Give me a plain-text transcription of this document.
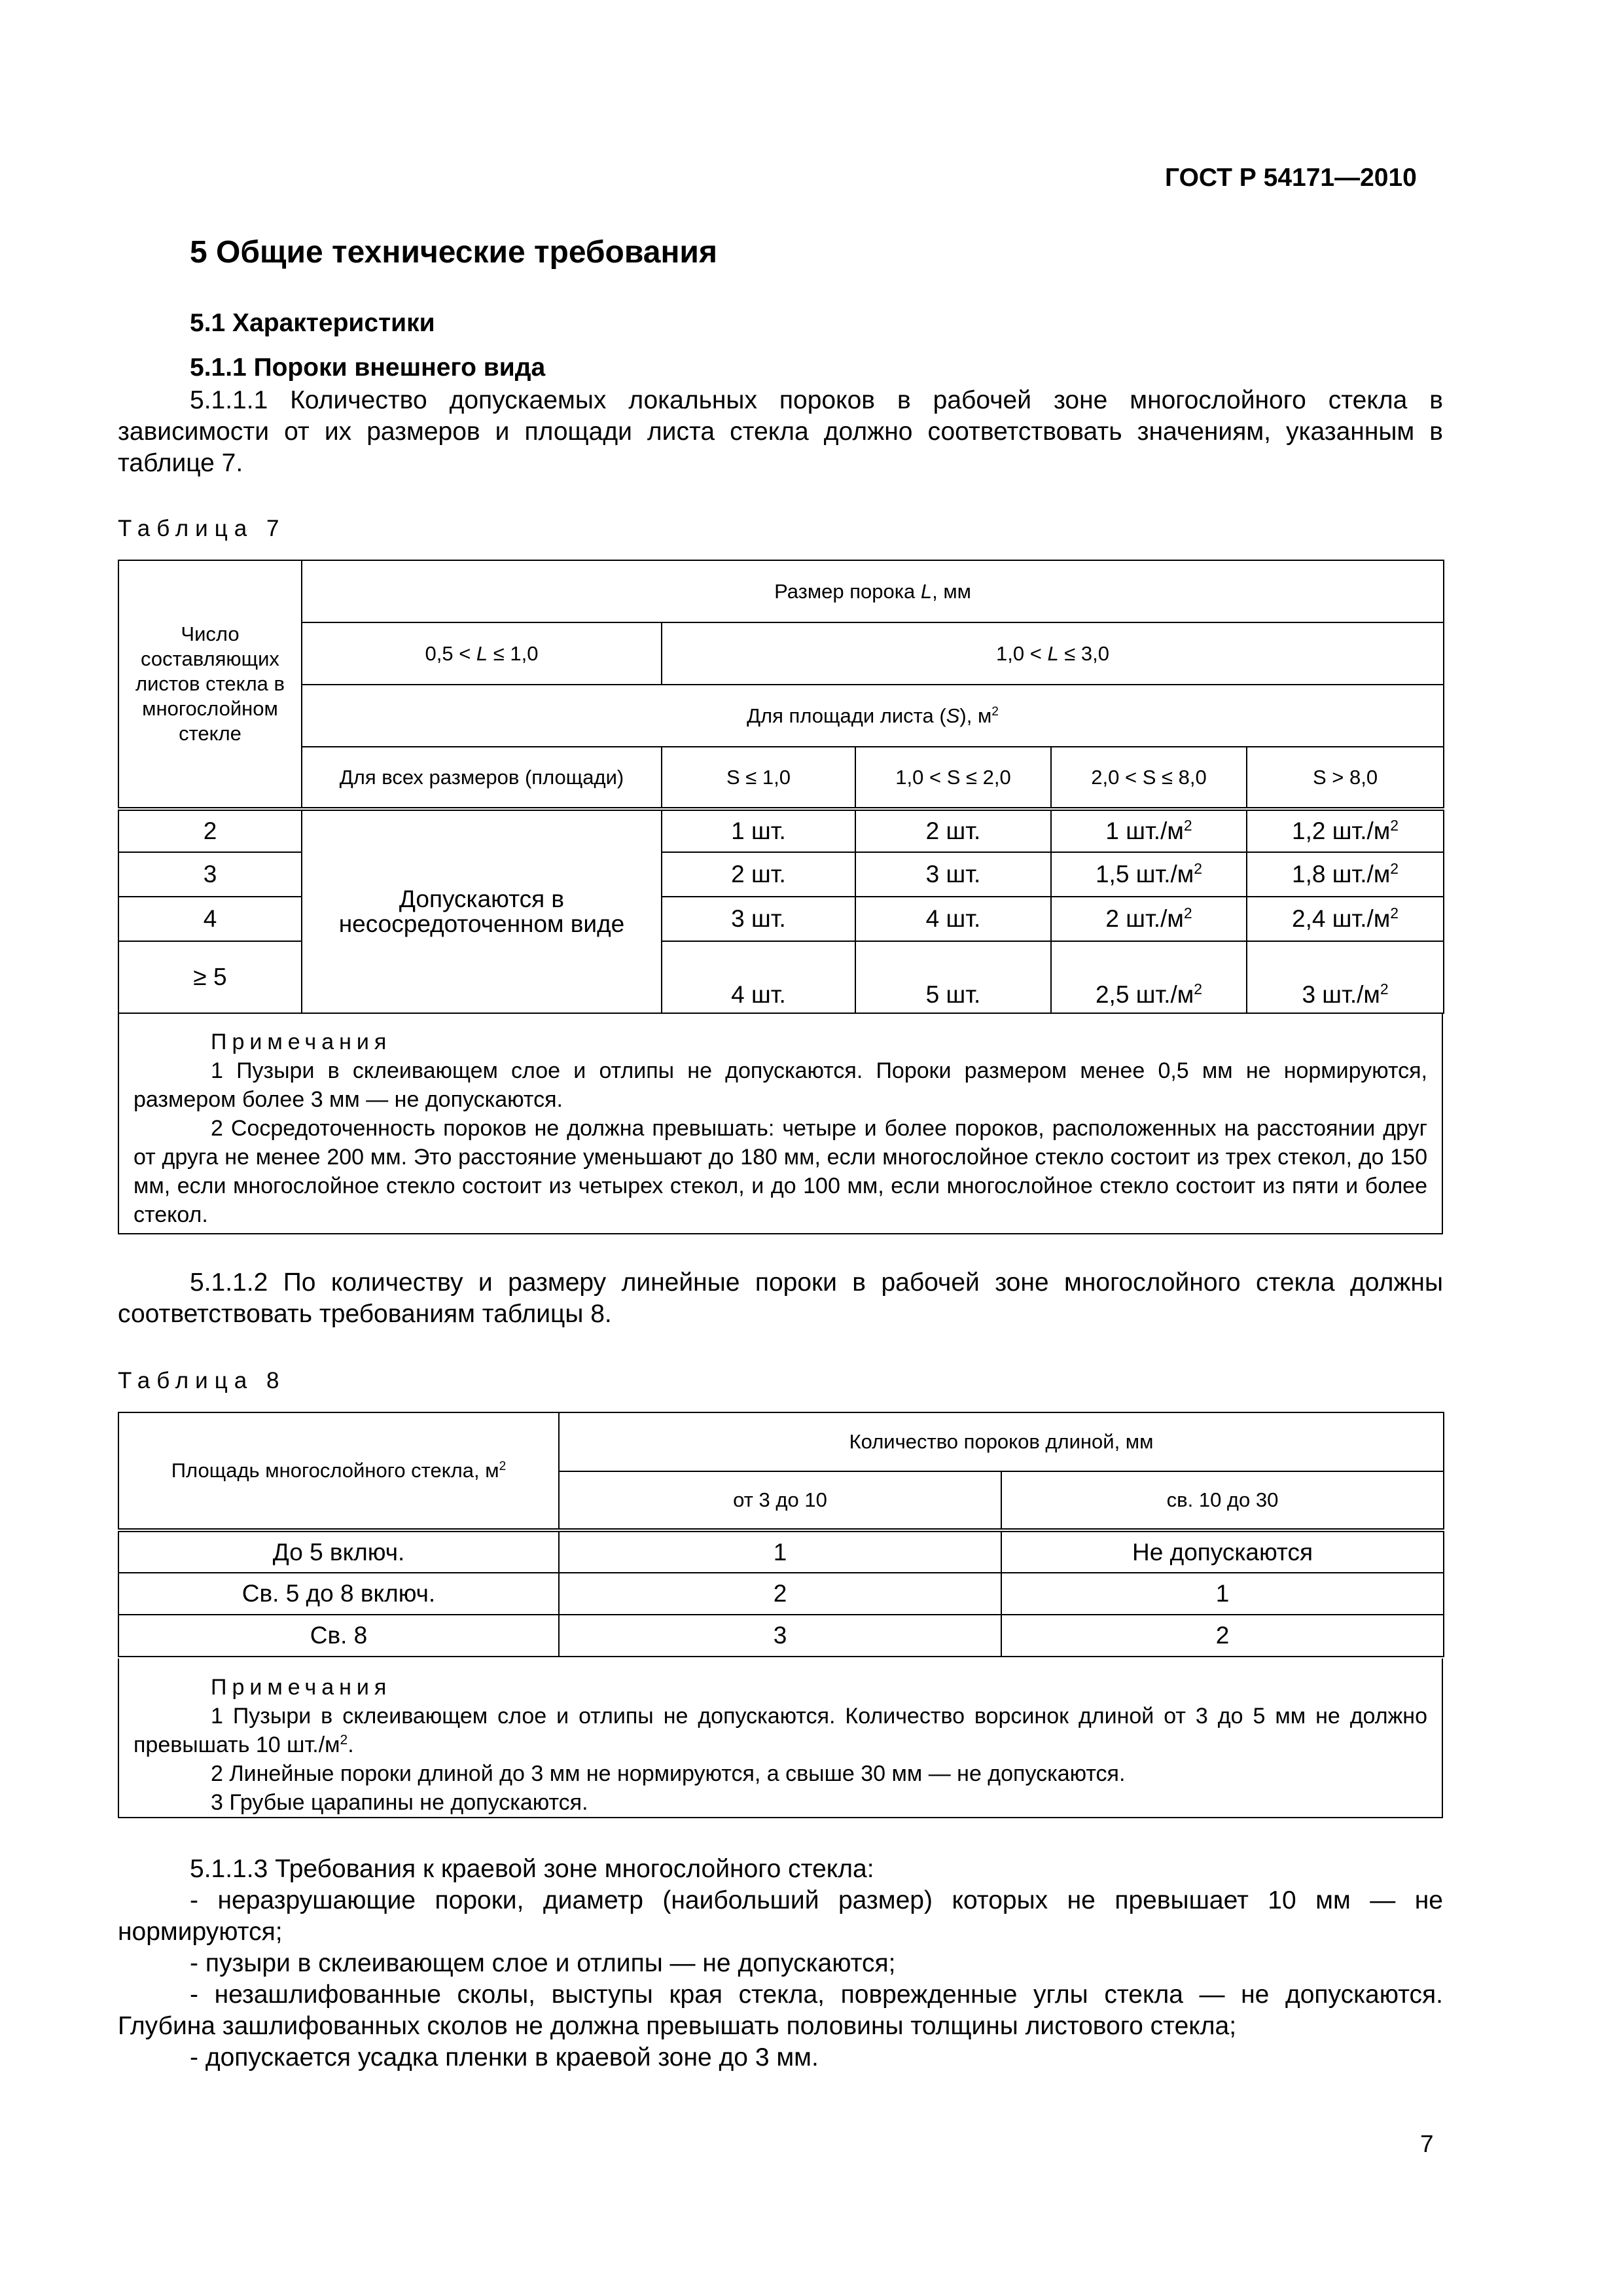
ГОСТ Р 54171—2010
5 Общие технические требования
5.1 Характеристики
5.1.1 Пороки внешнего вида

5.1.1.1 Количество допускаемых локальных пороков в рабочей зоне многослойного стекла в зависимости от их размеров и площади листа стекла должно соответствовать значениям, указанным в таблице 7.

Таблица 7
Число составляющих листов стекла в многослойном стекле	Размер порока L, мм				
	0,5 < L ≤ 1,0	1,0 < L ≤ 3,0			
	Для площади листа (S), $м^2$
	Для всех размеров (площади)	S ≤ 1,0	1,0 < S ≤ 2,0	2,0 < S ≤ 8,0	S > 8,0
2	Допускаются в несосредоточенном виде	1 шт.	2 шт.	1 $шт./м^2$	1,2 $шт./м^2$
3		2 шт.	3 шт.	1,5 $шт./м^2$	1,8 $шт./м^2$
4		3 шт.	4 шт.	2 $шт./м^2$	2,4 $шт./м^2$
≥ 5		4 шт.	5 шт.	2,5 $шт./м^2$	3 $шт./м^2$

Примечания

1 Пузыри в склеивающем слое и отлипы не допускаются. Пороки размером менее 0,5 мм не нормируются, размером более 3 мм — не допускаются.

2 Сосредоточенность пороков не должна превышать: четыре и более пороков, расположенных на расстоянии друг от друга не менее 200 мм. Это расстояние уменьшают до 180 мм, если многослойное стекло состоит из трех стекол, до 150 мм, если многослойное стекло состоит из четырех стекол, и до 100 мм, если многослойное стекло состоит из пяти и более стекол.

5.1.1.2 По количеству и размеру линейные пороки в рабочей зоне многослойного стекла должны соответствовать требованиям таблицы 8.

Таблица 8
Площадь многослойного стекла, $м^2$	Количество пороков длиной, мм	
	от 3 до 10	св. 10 до 30
До 5 включ.	1	Не допускаются
Св. 5 до 8 включ.	2	1
Св. 8	3	2

Примечания

1 Пузыри в склеивающем слое и отлипы не допускаются. Количество ворсинок длиной от 3 до 5 мм не должно превышать 10 $шт./м^2$.

2 Линейные пороки длиной до 3 мм не нормируются, а свыше 30 мм — не допускаются.

3 Грубые царапины не допускаются.

5.1.1.3 Требования к краевой зоне многослойного стекла:

- неразрушающие пороки, диаметр (наибольший размер) которых не превышает 10 мм — не нормируются;

- пузыри в склеивающем слое и отлипы — не допускаются;

- незашлифованные сколы, выступы края стекла, поврежденные углы стекла — не допускаются. Глубина зашлифованных сколов не должна превышать половины толщины листового стекла;

- допускается усадка пленки в краевой зоне до 3 мм.

7
